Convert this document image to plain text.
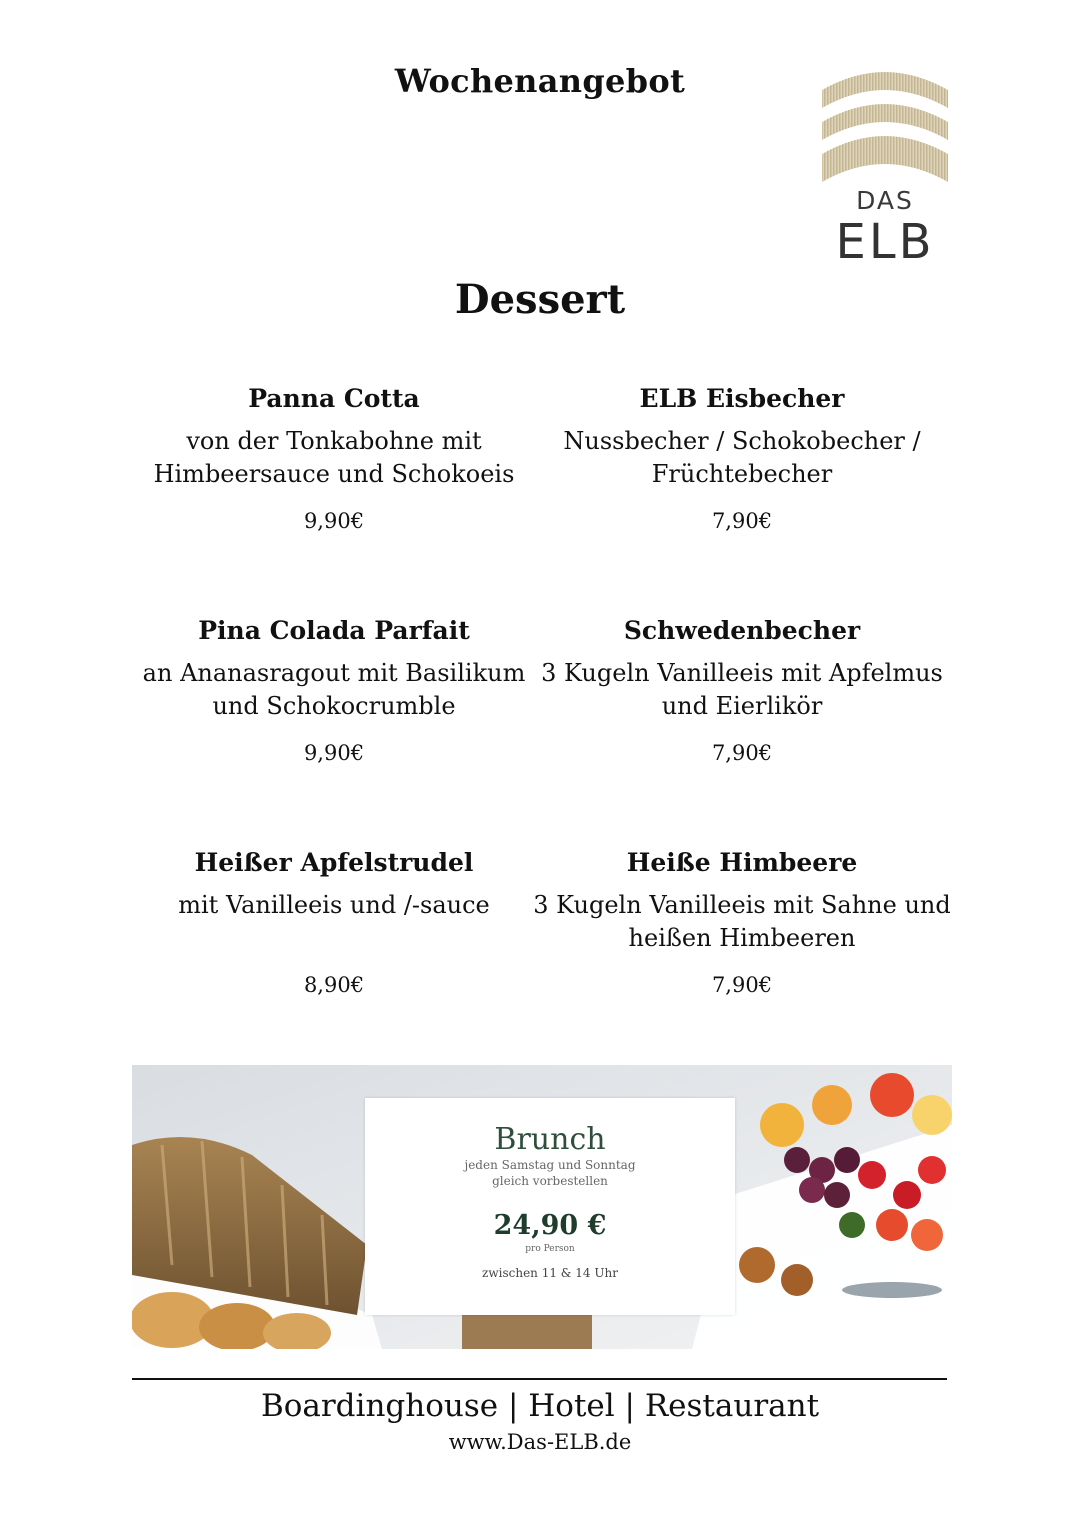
Wochenangebot
DAS
ELB
Dessert
Panna Cotta
von der Tonkabohne mit Himbeersauce und Schokoeis
9,90€
ELB Eisbecher
Nussbecher / Schokobecher / Früchtebecher
7,90€
Pina Colada Parfait
an Ananasragout mit Basilikum und Schokocrumble
9,90€
Schwedenbecher
3 Kugeln Vanilleeis mit Apfelmus und Eierlikör
7,90€
Heißer Apfelstrudel
mit Vanilleeis und /-sauce
8,90€
Heiße Himbeere
3 Kugeln Vanilleeis mit Sahne und heißen Himbeeren
7,90€
Brunch
jeden Samstag und Sonntag
gleich vorbestellen
24,90 €
pro Person
zwischen 11 & 14 Uhr
Boardinghouse | Hotel | Restaurant
www.Das-ELB.de
